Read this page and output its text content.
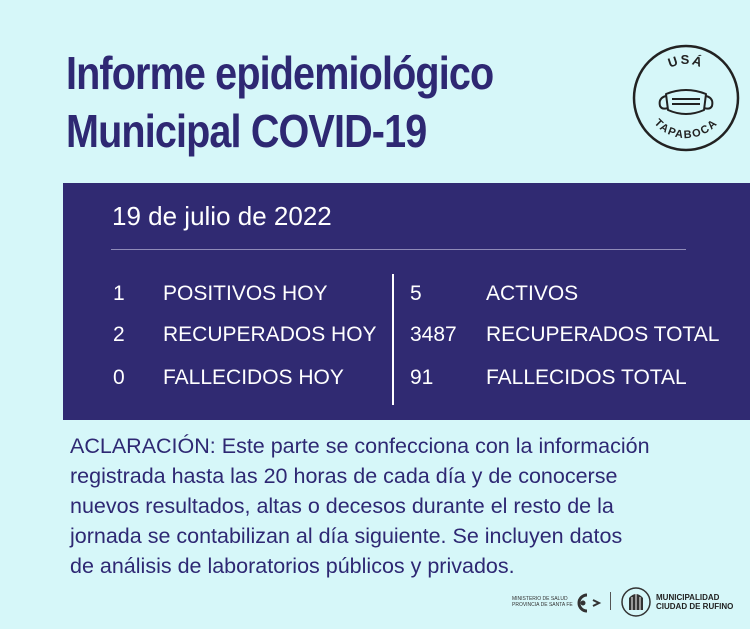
Informe epidemiológico
Municipal COVID-19
USÁ
TAPABOCA
19 de julio de 2022
1 POSITIVOS HOY
2 RECUPERADOS HOY
0 FALLECIDOS HOY
5	ACTIVOS
3487 RECUPERADOS TOTAL
91	FALLECIDOS TOTAL

ACLARACIÓN: Este parte se confecciona con la información
registrada hasta las 20 horas de cada día y de conocerse
nuevos resultados, altas o decesos durante el resto de la
jornada se contabilizan al día siguiente. Se incluyen datos
de análisis de laboratorios públicos y privados.

MINISTERIO DE SALUD
PROVINCIA DE SANTA FE
MUNICIPALIDAD
CIUDAD DE RUFINO
